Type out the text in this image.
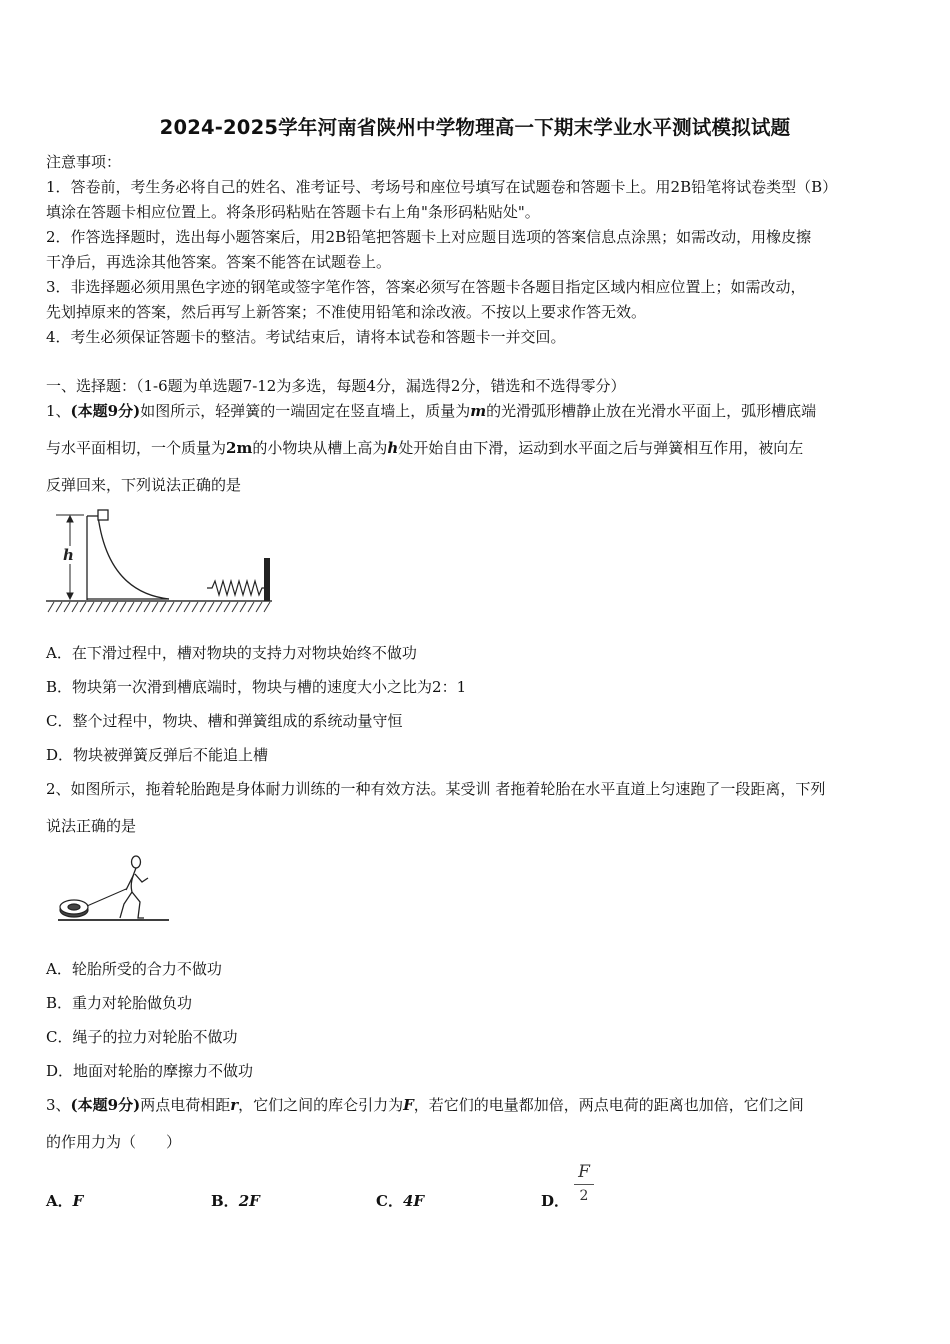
2024-2025学年河南省陕州中学物理高一下期末学业水平测试模拟试题
注意事项：
1．答卷前，考生务必将自己的姓名、准考证号、考场号和座位号填写在试题卷和答题卡上。用2B铅笔将试卷类型（B）
填涂在答题卡相应位置上。将条形码粘贴在答题卡右上角"条形码粘贴处"。
2．作答选择题时，选出每小题答案后，用2B铅笔把答题卡上对应题目选项的答案信息点涂黑；如需改动，用橡皮擦
干净后，再选涂其他答案。答案不能答在试题卷上。
3．非选择题必须用黑色字迹的钢笔或签字笔作答，答案必须写在答题卡各题目指定区域内相应位置上；如需改动，
先划掉原来的答案，然后再写上新答案；不准使用铅笔和涂改液。不按以上要求作答无效。
4．考生必须保证答题卡的整洁。考试结束后，请将本试卷和答题卡一并交回。
一、选择题：（1-6题为单选题7-12为多选，每题4分，漏选得2分，错选和不选得零分）
1、(本题9分)如图所示，轻弹簧的一端固定在竖直墙上，质量为m的光滑弧形槽静止放在光滑水平面上，弧形槽底端
与水平面相切，一个质量为2m的小物块从槽上高为h处开始自由下滑，运动到水平面之后与弹簧相互作用，被向左
反弹回来，下列说法正确的是
h
A．在下滑过程中，槽对物块的支持力对物块始终不做功
B．物块第一次滑到槽底端时，物块与槽的速度大小之比为2：1
C．整个过程中，物块、槽和弹簧组成的系统动量守恒
D．物块被弹簧反弹后不能追上槽
2、如图所示，拖着轮胎跑是身体耐力训练的一种有效方法。某受训 者拖着轮胎在水平直道上匀速跑了一段距离，下列
说法正确的是
A．轮胎所受的合力不做功
B．重力对轮胎做负功
C．绳子的拉力对轮胎不做功
D．地面对轮胎的摩擦力不做功
3、(本题9分)两点电荷相距r，它们之间的库仑引力为F，若它们的电量都加倍，两点电荷的距离也加倍，它们之间
的作用力为（　　）
A．F	B．2F	C．4F	D．
F
2
